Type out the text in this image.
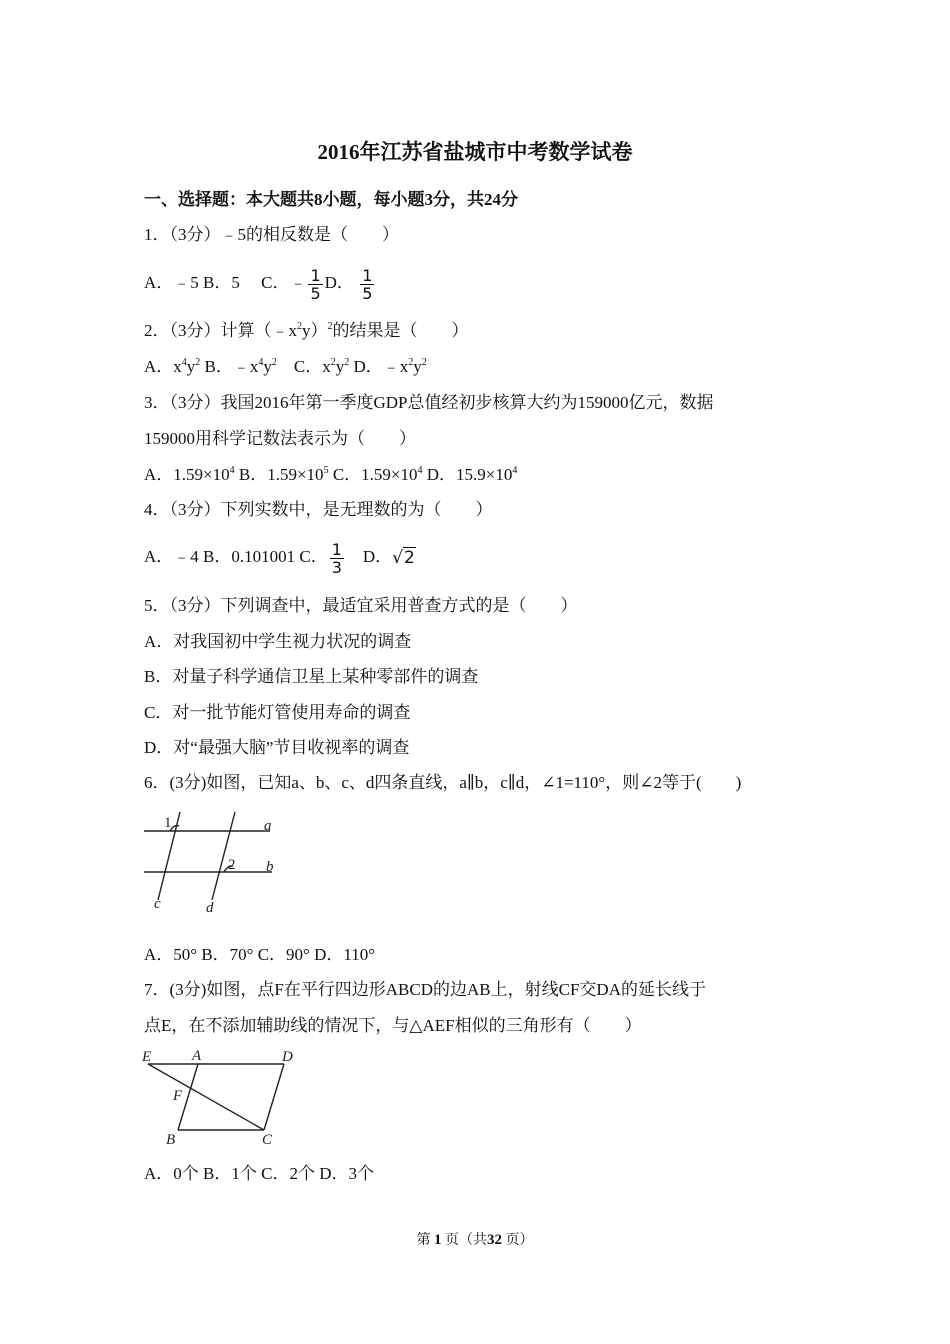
2016年江苏省盐城市中考数学试卷
一、选择题：本大题共8小题，每小题3分，共24分
1．（3分）﹣5的相反数是（　　）
A．﹣5 B．5　 C．﹣ $\frac{1}{5}$ D． $\frac{1}{5}$
2．（3分）计算$(﹣x^2y)^2$的结果是（　　）
A．$x^4y^2$ B．$﹣x^4y^2$　C．$x^2y^2$ D．$﹣x^2y^2$
3．（3分）我国2016年第一季度GDP总值经初步核算大约为159000亿元，数据
159000用科学记数法表示为（　　）
A．$1.59\times 10^4$ B．$1.59\times 10^5$ C．$1.59\times 10^4$ D．$15.9\times 10^4$
4．（3分）下列实数中，是无理数的为（　　）
A．﹣4 B．0.101001 C． $\frac{1}{3}$ 　D．√2
5．（3分）下列调查中，最适宜采用普查方式的是（　　）
A．对我国初中学生视力状况的调查
B．对量子科学通信卫星上某种零部件的调查
C．对一批节能灯管使用寿命的调查
D．对“最强大脑”节目收视率的调查
6．(3分)如图，已知a、b、c、d四条直线，a∥b，c∥d，∠1=110°，则∠2等于(　　)
1
2
a
b
c	d
A．50° B．70° C．90° D．110°
7．(3分)如图，点F在平行四边形ABCD的边AB上，射线CF交DA的延长线于
点E，在不添加辅助线的情况下，与△AEF相似的三角形有（　　）
E	A	D
F
B	C
A．0个 B．1个 C．2个 D．3个
第 1 页（共32 页）
